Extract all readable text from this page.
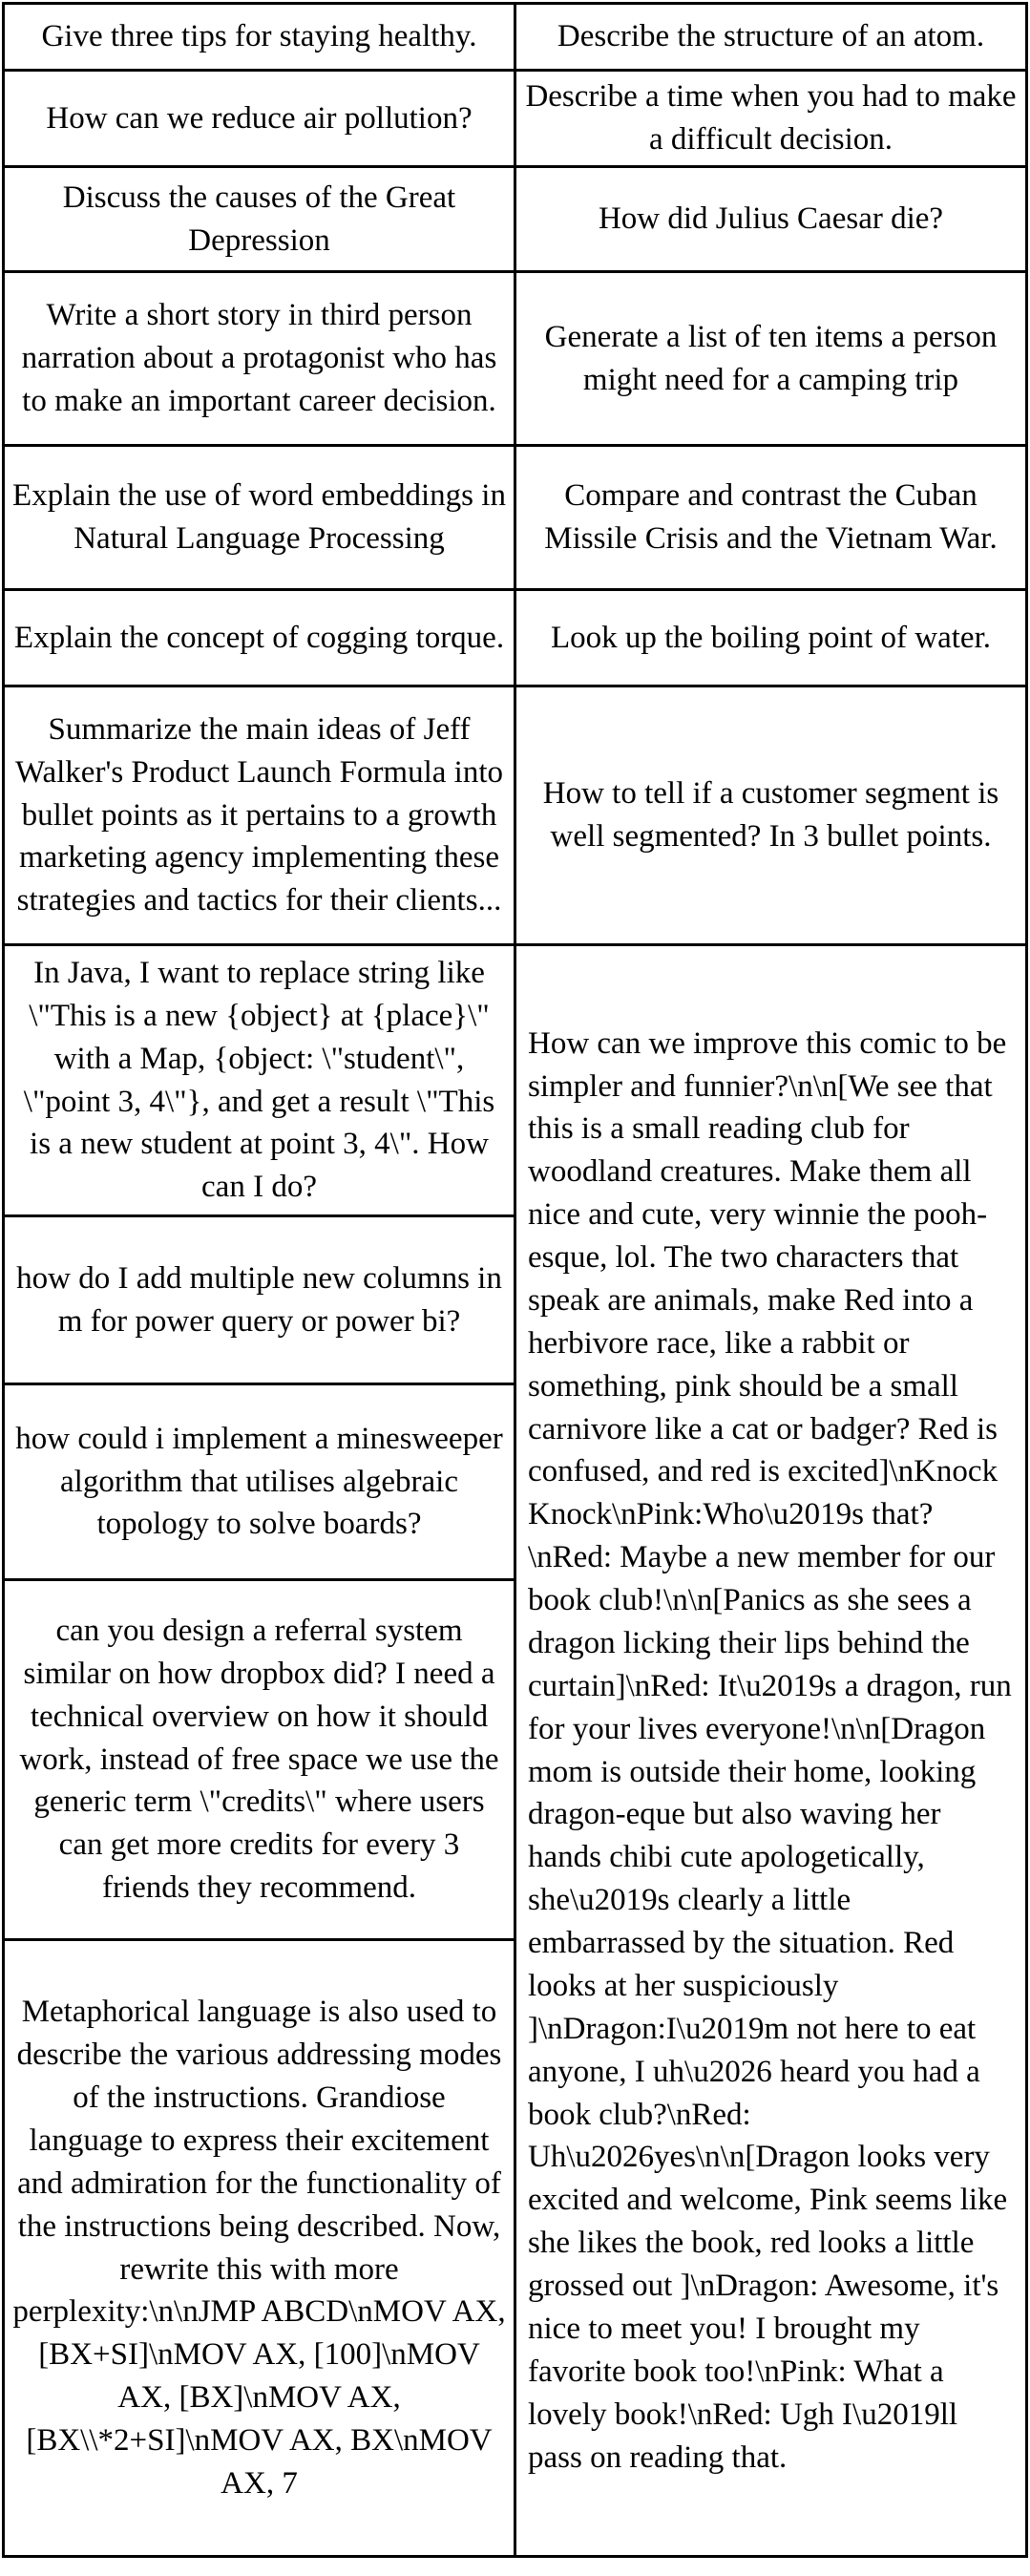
Give three tips for staying healthy.	Describe the structure of an atom.
How can we reduce air pollution?	Describe a time when you had to make a difficult decision.
Discuss the causes of the Great Depression	How did Julius Caesar die?
Write a short story in third person narration about a protagonist who has to make an important career decision.	Generate a list of ten items a person might need for a camping trip
Explain the use of word embeddings in Natural Language Processing	Compare and contrast the Cuban Missile Crisis and the Vietnam War.
Explain the concept of cogging torque.	Look up the boiling point of water.
Summarize the main ideas of Jeff Walker's Product Launch Formula into bullet points as it pertains to a growth marketing agency implementing these strategies and tactics for their clients...	How to tell if a customer segment is well segmented? In 3 bullet points.
In Java, I want to replace string like \"This is a new {object} at {place}\" with a Map, {object: \"student\", \"point 3, 4\"}, and get a result \"This is a new student at point 3, 4\". How can I do?	How can we improve this comic to be simpler and funnier?\n\n[We see that this is a small reading club for woodland creatures. Make them all nice and cute, very winnie the pooh-esque, lol. The two characters that speak are animals, make Red into a herbivore race, like a rabbit or something, pink should be a small carnivore like a cat or badger? Red is confused, and red is excited]\nKnock Knock\nPink:Who\u2019s that?\nRed: Maybe a new member for our book club!\n\n[Panics as she sees a dragon licking their lips behind the curtain]\nRed: It\u2019s a dragon, run for your lives everyone!\n\n[Dragon mom is outside their home, looking dragon-eque but also waving her hands chibi cute apologetically, she\u2019s clearly a little embarrassed by the situation. Red looks at her suspiciously ]\nDragon:I\u2019m not here to eat anyone, I uh\u2026 heard you had a book club?\nRed: Uh\u2026yes\n\n[Dragon looks very excited and welcome, Pink seems like she likes the book, red looks a little grossed out ]\nDragon: Awesome, it's nice to meet you! I brought my favorite book too!\nPink: What a lovely book!\nRed: Ugh I\u2019ll pass on reading that.
how do I add multiple new columns in m for power query or power bi?	
how could i implement a minesweeper algorithm that utilises algebraic topology to solve boards?	
can you design a referral system similar on how dropbox did? I need a technical overview on how it should work, instead of free space we use the generic term \"credits\" where users can get more credits for every 3 friends they recommend.	
Metaphorical language is also used to describe the various addressing modes of the instructions. Grandiose language to express their excitement and admiration for the functionality of the instructions being described. Now, rewrite this with more perplexity:\n\nJMP ABCD\nMOV AX, [BX+SI]\nMOV AX, [100]\nMOV AX, [BX]\nMOV AX, [BX\\*2+SI]\nMOV AX, BX\nMOV AX, 7	
